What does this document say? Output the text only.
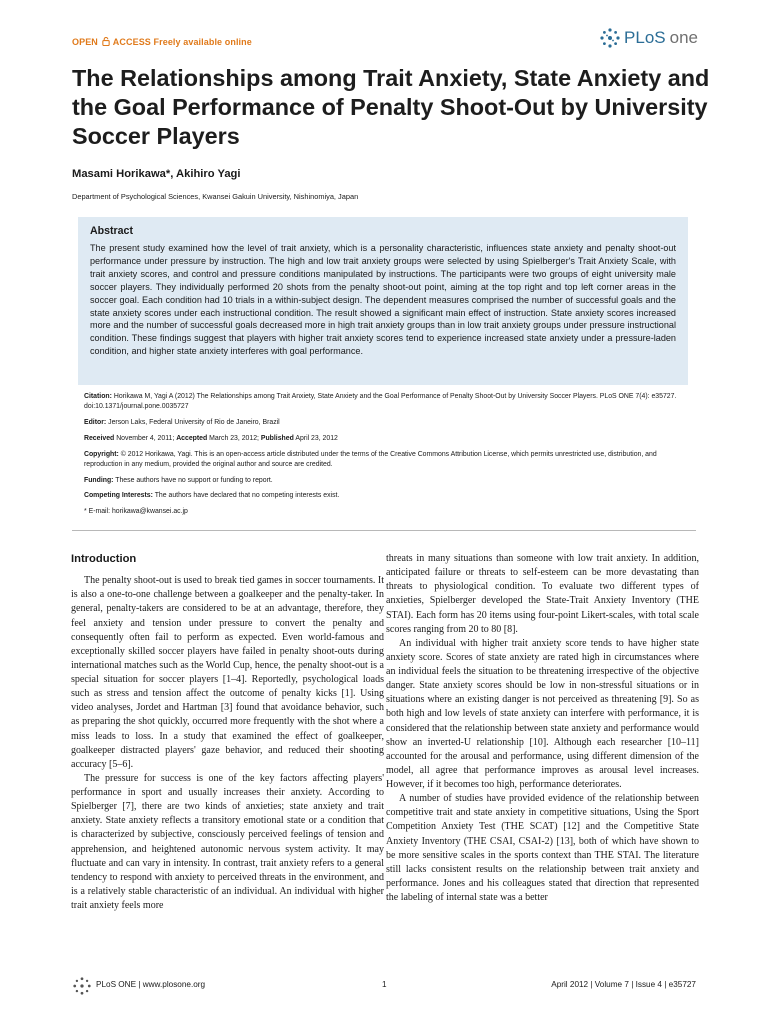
OPEN ACCESS Freely available online	PLoS one
The Relationships among Trait Anxiety, State Anxiety and the Goal Performance of Penalty Shoot-Out by University Soccer Players
Masami Horikawa*, Akihiro Yagi
Department of Psychological Sciences, Kwansei Gakuin University, Nishinomiya, Japan
Abstract
The present study examined how the level of trait anxiety, which is a personality characteristic, influences state anxiety and penalty shoot-out performance under pressure by instruction. The high and low trait anxiety groups were selected by using Spielberger's Trait Anxiety Scale, with trait anxiety scores, and control and pressure conditions manipulated by instructions. The participants were two groups of eight university male soccer players. They individually performed 20 shots from the penalty shoot-out point, aiming at the top right and top left corner areas in the soccer goal. Each condition had 10 trials in a within-subject design. The dependent measures comprised the number of successful goals and the state anxiety scores under each instructional condition. The result showed a significant main effect of instruction. State anxiety scores increased more and the number of successful goals decreased more in high trait anxiety groups than in low trait anxiety groups under pressure instructional condition. These findings suggest that players with higher trait anxiety scores tend to experience increased state anxiety under a pressure-laden condition, and higher state anxiety interferes with goal performance.

Citation: Horikawa M, Yagi A (2012) The Relationships among Trait Anxiety, State Anxiety and the Goal Performance of Penalty Shoot-Out by University Soccer Players. PLoS ONE 7(4): e35727. doi:10.1371/journal.pone.0035727

Editor: Jerson Laks, Federal University of Rio de Janeiro, Brazil

Received November 4, 2011; Accepted March 23, 2012; Published April 23, 2012

Copyright: © 2012 Horikawa, Yagi. This is an open-access article distributed under the terms of the Creative Commons Attribution License, which permits unrestricted use, distribution, and reproduction in any medium, provided the original author and source are credited.

Funding: These authors have no support or funding to report.

Competing Interests: The authors have declared that no competing interests exist.

* E-mail: horikawa@kwansei.ac.jp

Introduction

The penalty shoot-out is used to break tied games in soccer tournaments. It is also a one-to-one challenge between a goalkeeper and the penalty-taker. In general, penalty-takers are considered to be at an advantage, therefore, they feel anxiety and tension under pressure to convert the penalty and consequently often fail to perform as expected. Even world-famous and exceptionally skilled soccer players have failed in penalty shoot-outs during international matches such as the World Cup, hence, the penalty shoot-out is a special situation for soccer players [1–4]. Reportedly, psychological loads such as stress and tension affect the outcome of penalty kicks [1]. Using video analyses, Jordet and Hartman [3] found that avoidance behavior, such as preparing the shot quickly, occurred more frequently with the shot where a miss leads to loss. In a study that examined the effect of goalkeeper, goalkeeper distracted players' gaze behavior, and reduced their shooting accuracy [5–6].

The pressure for success is one of the key factors affecting players' performance in sport and usually increases their anxiety. According to Spielberger [7], there are two kinds of anxieties; state anxiety and trait anxiety. State anxiety reflects a transitory emotional state or a condition that is characterized by subjective, consciously perceived feelings of tension and apprehension, and heightened autonomic nervous system activity. It may fluctuate and can vary in intensity. In contrast, trait anxiety refers to a general tendency to respond with anxiety to perceived threats in the environment, and is a relatively stable characteristic of an individual. An individual with higher trait anxiety feels more

threats in many situations than someone with low trait anxiety. In addition, anticipated failure or threats to self-esteem can be more devastating than threats to physiological condition. To evaluate two different types of anxieties, Spielberger developed the State-Trait Anxiety Inventory (THE STAI). Each form has 20 items using four-point Likert-scales, with total scale scores ranging from 20 to 80 [8].

An individual with higher trait anxiety score tends to have higher state anxiety score. Scores of state anxiety are rated high in circumstances where an individual feels the situation to be threatening irrespective of the objective danger. State anxiety scores should be low in non-stressful situations or in situations where an existing danger is not perceived as threatening [9]. So as both high and low levels of state anxiety can interfere with performance, it is considered that the relationship between state anxiety and performance would show an inverted-U relationship [10]. Although each researcher [10–11] accounted for the arousal and performance, using different dimension of the model, all agree that performance improves as arousal level increases. However, if it becomes too high, performance deteriorates.

A number of studies have provided evidence of the relationship between competitive trait and state anxiety in competitive situations, Using the Sport Competition Anxiety Test (THE SCAT) [12] and the Competitive State Anxiety Inventory (THE CSAI, CSAI-2) [13], both of which have shown to be more sensitive scales in the sports context than THE STAI. The literature still lacks consistent results on the relationship between trait anxiety and performance. Jones and his colleagues stated that direction that represented the labeling of internal state was a better

PLoS ONE | www.plosone.org	1	April 2012 | Volume 7 | Issue 4 | e35727
